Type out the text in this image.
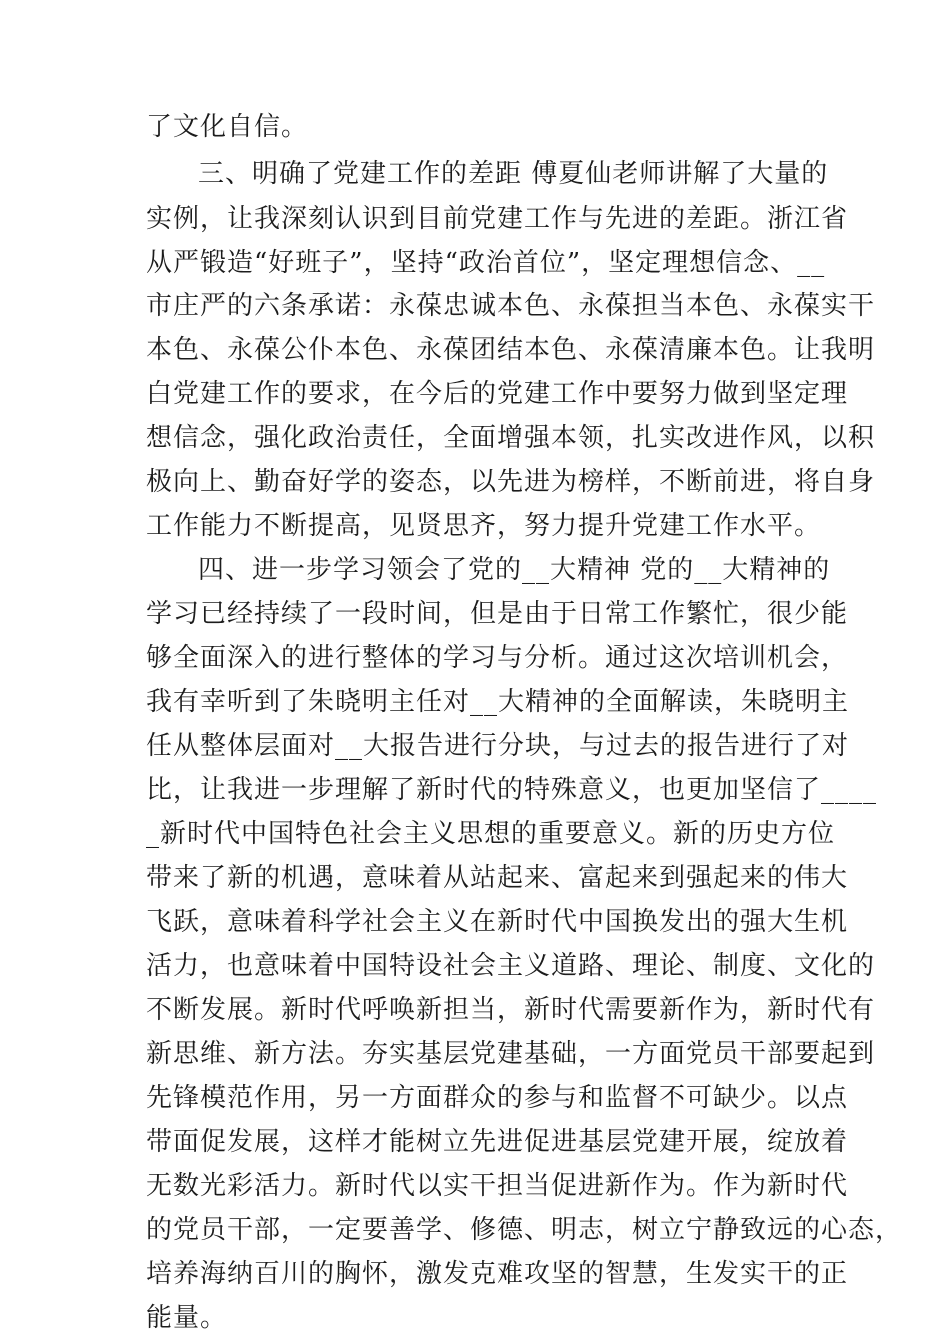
了文化自信。
三、明确了党建工作的差距 傅夏仙老师讲解了大量的
实例，让我深刻认识到目前党建工作与先进的差距。浙江省
从严锻造“好班子”，坚持“政治首位”，坚定理想信念、__
市庄严的六条承诺：永葆忠诚本色、永葆担当本色、永葆实干
本色、永葆公仆本色、永葆团结本色、永葆清廉本色。让我明
白党建工作的要求，在今后的党建工作中要努力做到坚定理
想信念，强化政治责任，全面增强本领，扎实改进作风，以积
极向上、勤奋好学的姿态，以先进为榜样，不断前进，将自身
工作能力不断提高，见贤思齐，努力提升党建工作水平。
四、进一步学习领会了党的__大精神 党的__大精神的
学习已经持续了一段时间，但是由于日常工作繁忙，很少能
够全面深入的进行整体的学习与分析。通过这次培训机会，
我有幸听到了朱晓明主任对__大精神的全面解读，朱晓明主
任从整体层面对__大报告进行分块，与过去的报告进行了对
比，让我进一步理解了新时代的特殊意义，也更加坚信了____
_新时代中国特色社会主义思想的重要意义。新的历史方位
带来了新的机遇，意味着从站起来、富起来到强起来的伟大
飞跃，意味着科学社会主义在新时代中国换发出的强大生机
活力，也意味着中国特设社会主义道路、理论、制度、文化的
不断发展。新时代呼唤新担当，新时代需要新作为，新时代有
新思维、新方法。夯实基层党建基础，一方面党员干部要起到
先锋模范作用，另一方面群众的参与和监督不可缺少。以点
带面促发展，这样才能树立先进促进基层党建开展，绽放着
无数光彩活力。新时代以实干担当促进新作为。作为新时代
的党员干部，一定要善学、修德、明志，树立宁静致远的心态，
培养海纳百川的胸怀，激发克难攻坚的智慧，生发实干的正
能量。
